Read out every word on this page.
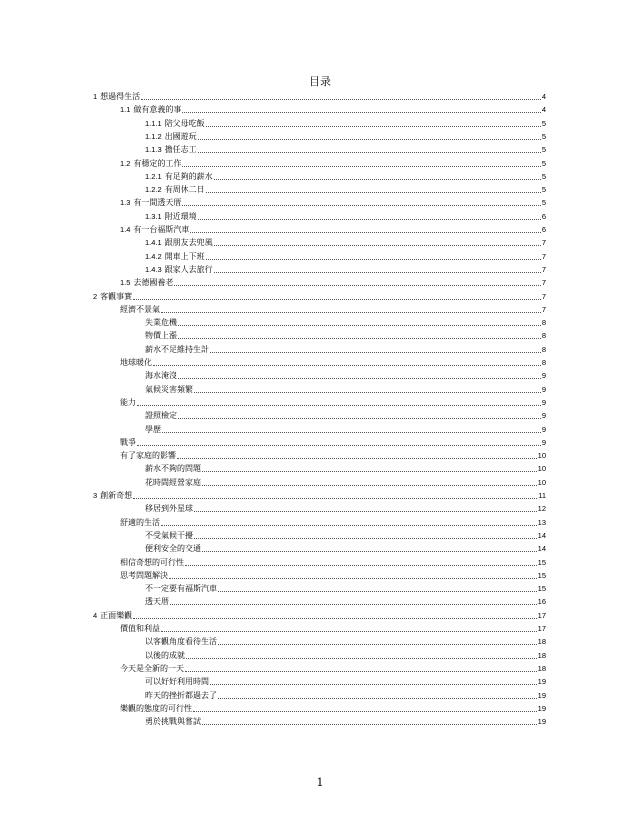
目录
1 想過得生活	4
1.1 做有意義的事	4
1.1.1 陪父母吃飯	5
1.1.2 出國遊玩	5
1.1.3 擔任志工	5
1.2 有穩定的工作	5
1.2.1 有足夠的薪水	5
1.2.2 有周休二日	5
1.3 有一間透天厝	5
1.3.1 附近環境	6
1.4 有一台福斯汽車	6
1.4.1 跟朋友去兜風	7
1.4.2 開車上下班	7
1.4.3 跟家人去旅行	7
1.5 去德國養老	7
2 客觀事實	7
經濟不景氣	7
失業危機	8
物價上漲	8
薪水不足維持生計	8
地球暖化	8
海水淹沒	9
氣候災害頻繁	9
能力	9
證照檢定	9
學歷	9
戰爭	9
有了家庭的影響	10
薪水不夠的問題	10
花時間經營家庭	10
3 創新奇想	11
移居到外星球	12
舒適的生活	13
不受氣候干擾	14
便利安全的交通	14
相信奇想的可行性	15
思考問題解決	15
不一定要有福斯汽車	15
透天厝	16
4 正面樂觀	17
價值和利益	17
以客觀角度看待生活	18
以後的成就	18
今天是全新的一天	18
可以好好利用時間	19
昨天的挫折都過去了	19
樂觀的態度的可行性	19
勇於挑戰與嘗試	19
1
